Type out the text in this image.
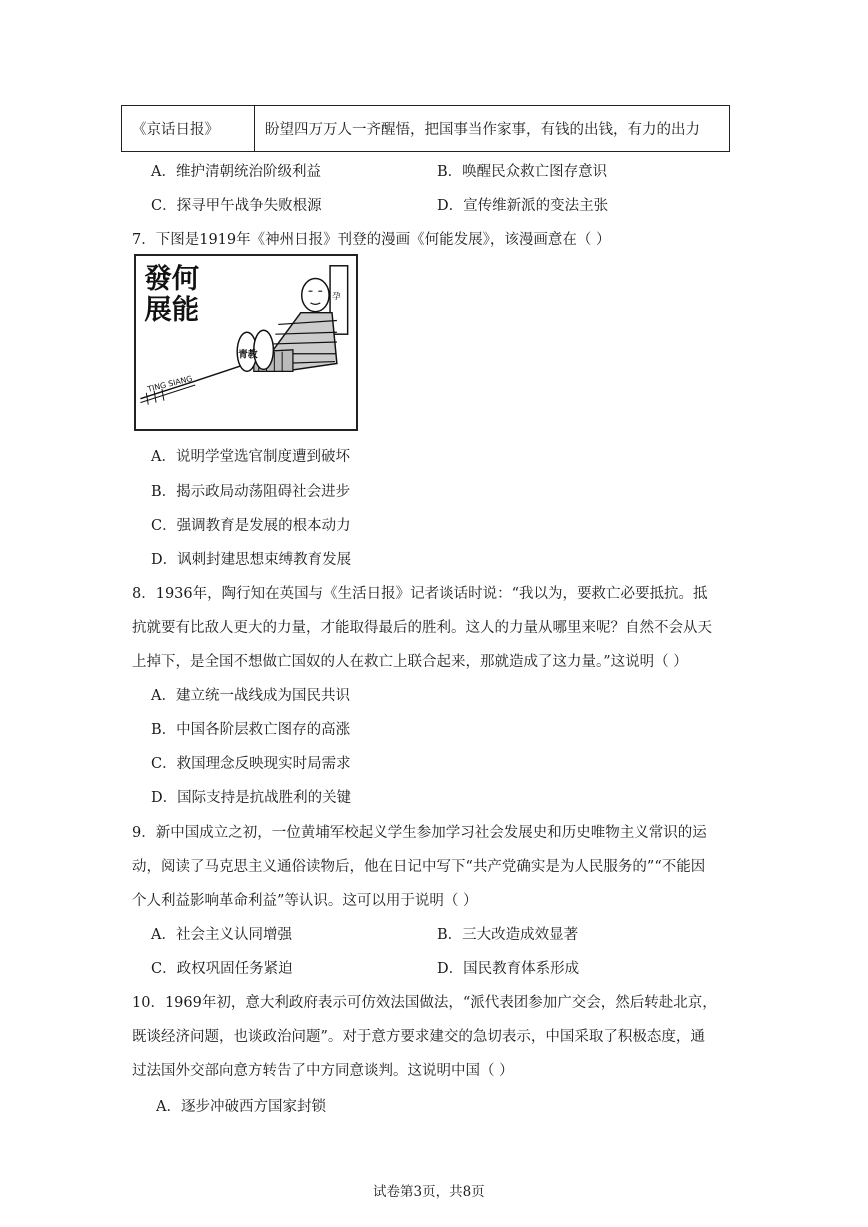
《京话日报》	盼望四万万人一齐醒悟，把国事当作家事，有钱的出钱，有力的出力
A．维护清朝统治阶级利益	B．唤醒民众救亡图存意识
C．探寻甲午战争失败根源	D．宣传维新派的变法主张
7．下图是1919年《神州日报》刊登的漫画《何能发展》，该漫画意在（ ）
發何
展能
TING SIANG
孕
青教
A．说明学堂选官制度遭到破坏
B．揭示政局动荡阻碍社会进步
C．强调教育是发展的根本动力
D．讽刺封建思想束缚教育发展
8．1936年，陶行知在英国与《生活日报》记者谈话时说：“我以为，要救亡必要抵抗。抵
抗就要有比敌人更大的力量，才能取得最后的胜利。这人的力量从哪里来呢？自然不会从天
上掉下，是全国不想做亡国奴的人在救亡上联合起来，那就造成了这力量。”这说明（ ）
A．建立统一战线成为国民共识
B．中国各阶层救亡图存的高涨
C．救国理念反映现实时局需求
D．国际支持是抗战胜利的关键
9．新中国成立之初，一位黄埔军校起义学生参加学习社会发展史和历史唯物主义常识的运
动，阅读了马克思主义通俗读物后，他在日记中写下“共产党确实是为人民服务的”“不能因
个人利益影响革命利益”等认识。这可以用于说明（ ）
A．社会主义认同增强	B．三大改造成效显著
C．政权巩固任务紧迫	D．国民教育体系形成
10．1969年初，意大利政府表示可仿效法国做法，“派代表团参加广交会，然后转赴北京，
既谈经济问题，也谈政治问题”。对于意方要求建交的急切表示，中国采取了积极态度，通
过法国外交部向意方转告了中方同意谈判。这说明中国（ ）
A．逐步冲破西方国家封锁
试卷第3页，共8页
